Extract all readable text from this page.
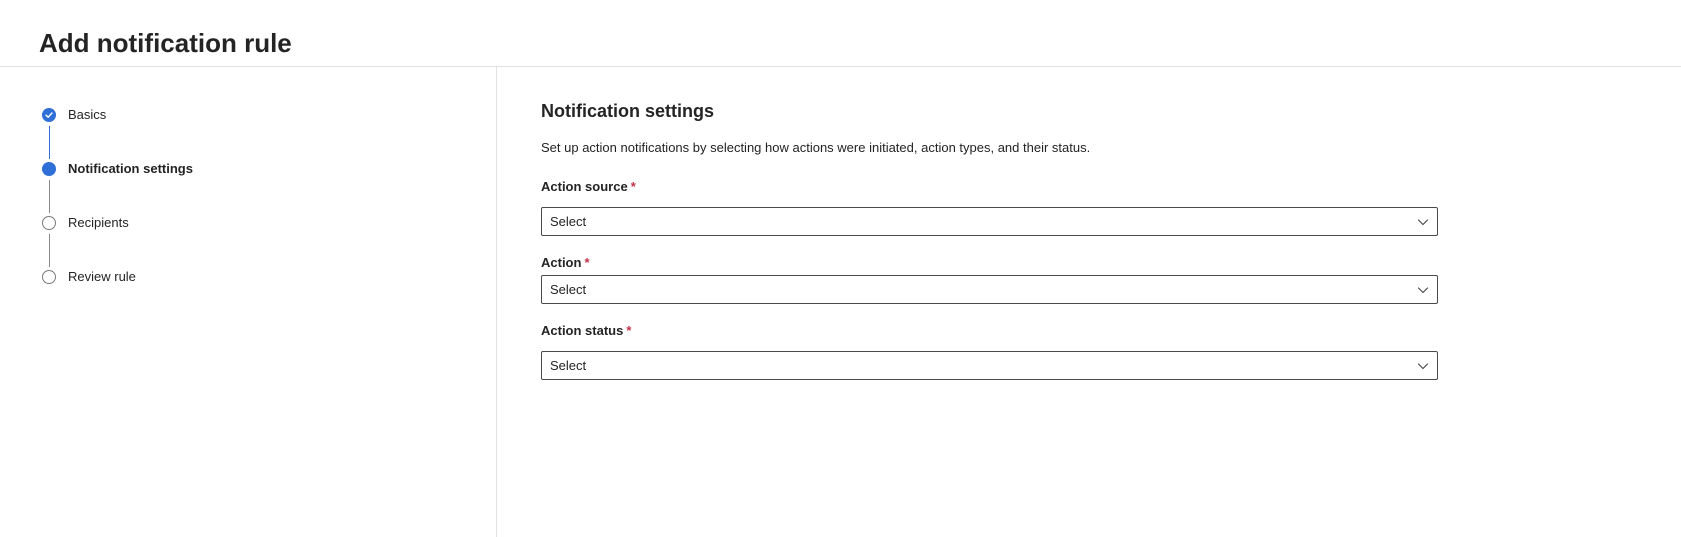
Add notification rule
Basics
Notification settings
Recipients
Review rule
Notification settings
Set up action notifications by selecting how actions were initiated, action types, and their status.
Action source *
Select
Action *
Select
Action status *
Select
